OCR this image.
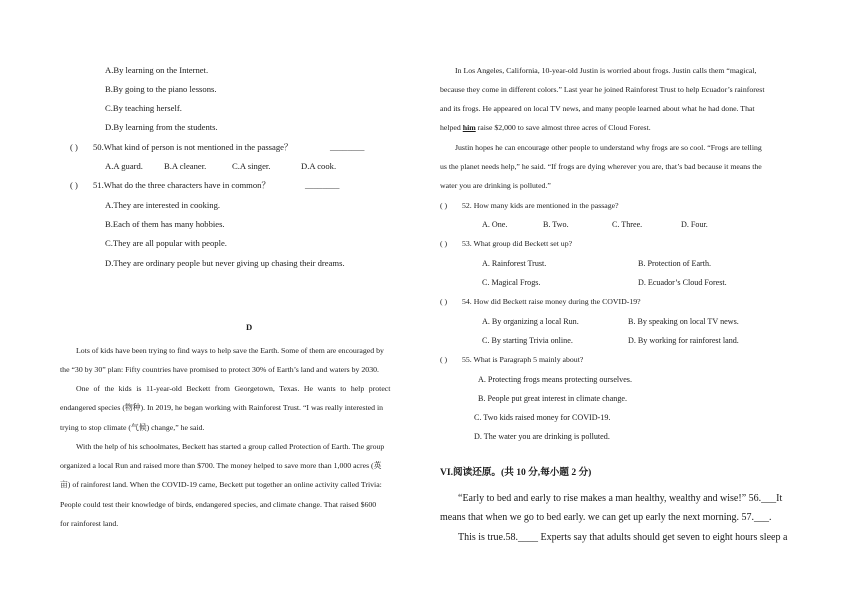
A.By learning on the Internet.
B.By going to the piano lessons.
C.By teaching herself.
D.By learning from the students.
( ) 50.What kind of person is not mentioned in the passage？	________
A.A guard. B.A cleaner.	C.A singer.	D.A cook.
( ) 51.What do the three characters have in common？	________
A.They are interested in cooking.
B.Each of them has many hobbies.
C.They are all popular with people.
D.They are ordinary people but never giving up chasing their dreams.
D
Lots of kids have been trying to find ways to help save the Earth. Some of them are encouraged by
the “30 by 30” plan: Fifty countries have promised to protect 30% of Earth’s land and waters by 2030.
One of the kids is 11-year-old Beckett from Georgetown, Texas. He wants to help protect
endangered species (物种). In 2019, he began working with Rainforest Trust. “I was really interested in
trying to stop climate (气候) change,” he said.
With the help of his schoolmates, Beckett has started a group called Protection of Earth. The group
organized a local Run and raised more than $700. The money helped to save more than 1,000 acres (英
亩) of rainforest land. When the COVID-19 came, Beckett put together an online activity called Trivia:
People could test their knowledge of birds, endangered species, and climate change. That raised $600
for rainforest land.
In Los Angeles, California, 10-year-old Justin is worried about frogs. Justin calls them “magical,
because they come in different colors.” Last year he joined Rainforest Trust to help Ecuador’s rainforest
and its frogs. He appeared on local TV news, and many people learned about what he had done. That
helped him raise $2,000 to save almost three acres of Cloud Forest.
Justin hopes he can encourage other people to understand why frogs are so cool. “Frogs are telling
us the planet needs help,” he said. “If frogs are dying wherever you are, that’s bad because it means the
water you are drinking is polluted.”
( ) 52. How many kids are mentioned in the passage?
A. One.	B. Two.	C. Three.	D. Four.
( ) 53. What group did Beckett set up?
A. Rainforest Trust.	B. Protection of Earth.
C. Magical Frogs.	D. Ecuador’s Cloud Forest.
( ) 54. How did Beckett raise money during the COVID-19?
A. By organizing a local Run.	B. By speaking on local TV news.
C. By starting Trivia online.	D. By working for rainforest land.
( ) 55. What is Paragraph 5 mainly about?
A. Protecting frogs means protecting ourselves.
B. People put great interest in climate change.
C. Two kids raised money for COVID-19.
D. The water you are drinking is polluted.
VI.阅读还原。(共 10 分,每小题 2 分)
“Early to bed and early to rise makes a man healthy, wealthy and wise!” 56.___It
means that when we go to bed early. we can get up early the next morning. 57.___.
This is true.58.____ Experts say that adults should get seven to eight hours sleep a
